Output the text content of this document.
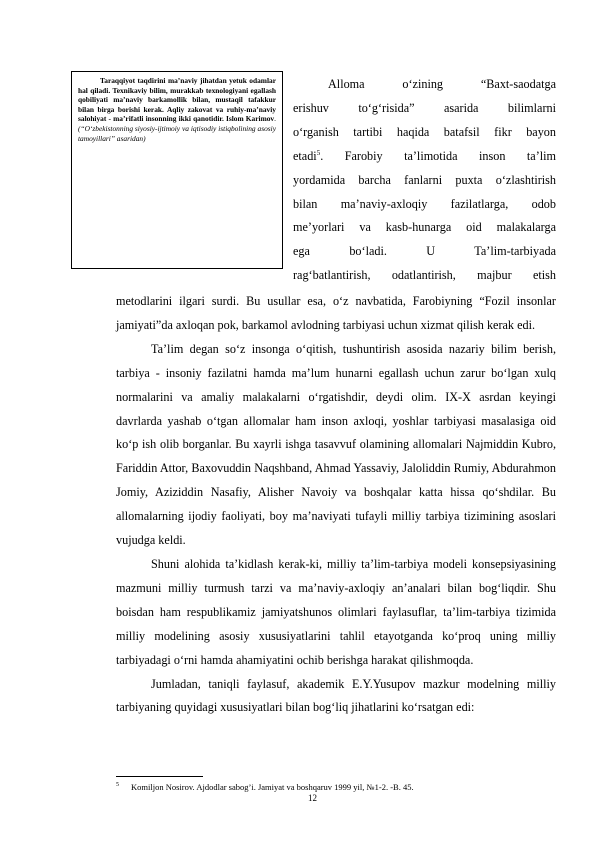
Taraqqiyot taqdirini ma’naviy jihatdan yetuk odamlar hal qiladi. Texnikaviy bilim, murakkab texnologiyani egallash qobiliyati ma’naviy barkamollik bilan, mustaqil tafakkur bilan birga borishi kerak. Aqliy zakovat va ruhiy-ma’naviy salohiyat - ma’rifatli insonning ikki qanotidir. Islom Karimov. (“O‘zbekistonning siyosiy-ijtimoiy va iqtisodiy istiqbolining asosiy tamoyillari” asaridan)

Alloma o‘zining “Baxt-saodatga
erishuv to‘g‘risida” asarida bilimlarni
o‘rganish tartibi haqida batafsil fikr bayon
etadi$^5$. Farobiy ta’limotida inson ta’lim
yordamida barcha fanlarni puxta o‘zlashtirish
bilan ma’naviy-axloqiy fazilatlarga, odob
me’yorlari va kasb-hunarga oid malakalarga
ega bo‘ladi. U Ta’lim-tarbiyada
rag‘batlantirish, odatlantirish, majbur etish

metodlarini ilgari surdi. Bu usullar esa, o‘z navbatida, Farobiyning “Fozil insonlar jamiyati”da axloqan pok, barkamol avlodning tarbiyasi uchun xizmat qilish kerak edi.

Ta’lim degan so‘z insonga o‘qitish, tushuntirish asosida nazariy bilim berish, tarbiya - insoniy fazilatni hamda ma’lum hunarni egallash uchun zarur bo‘lgan xulq normalarini va amaliy malakalarni o‘rgatishdir, deydi olim. IX-X asrdan keyingi davrlarda yashab o‘tgan allomalar ham inson axloqi, yoshlar tarbiyasi masalasiga oid ko‘p ish olib borganlar. Bu xayrli ishga tasavvuf olamining allomalari Najmiddin Kubro, Fariddin Attor, Baxovuddin Naqshband, Ahmad Yassaviy, Jaloliddin Rumiy, Abdurahmon Jomiy, Aziziddin Nasafiy, Alisher Navoiy va boshqalar katta hissa qo‘shdilar. Bu allomalarning ijodiy faoliyati, boy ma’naviyati tufayli milliy tarbiya tizimining asoslari vujudga keldi.

Shuni alohida ta’kidlash kerak-ki, milliy ta’lim-tarbiya modeli konsepsiyasining mazmuni milliy turmush tarzi va ma’naviy-axloqiy an’analari bilan bog‘liqdir. Shu boisdan ham respublikamiz jamiyatshunos olimlari faylasuflar, ta’lim-tarbiya tizimida milliy modelining asosiy xususiyatlarini tahlil etayotganda ko‘proq uning milliy tarbiyadagi o‘rni hamda ahamiyatini ochib berishga harakat qilishmoqda.

Jumladan, taniqli faylasuf, akademik E.Y.Yusupov mazkur modelning milliy tarbiyaning quyidagi xususiyatlari bilan bog‘liq jihatlarini ko‘rsatgan edi:

$^5$ Komiljon Nosirov. Ajdodlar sabog’i. Jamiyat va boshqaruv 1999 yil, №1-2. -B. 45.
12
